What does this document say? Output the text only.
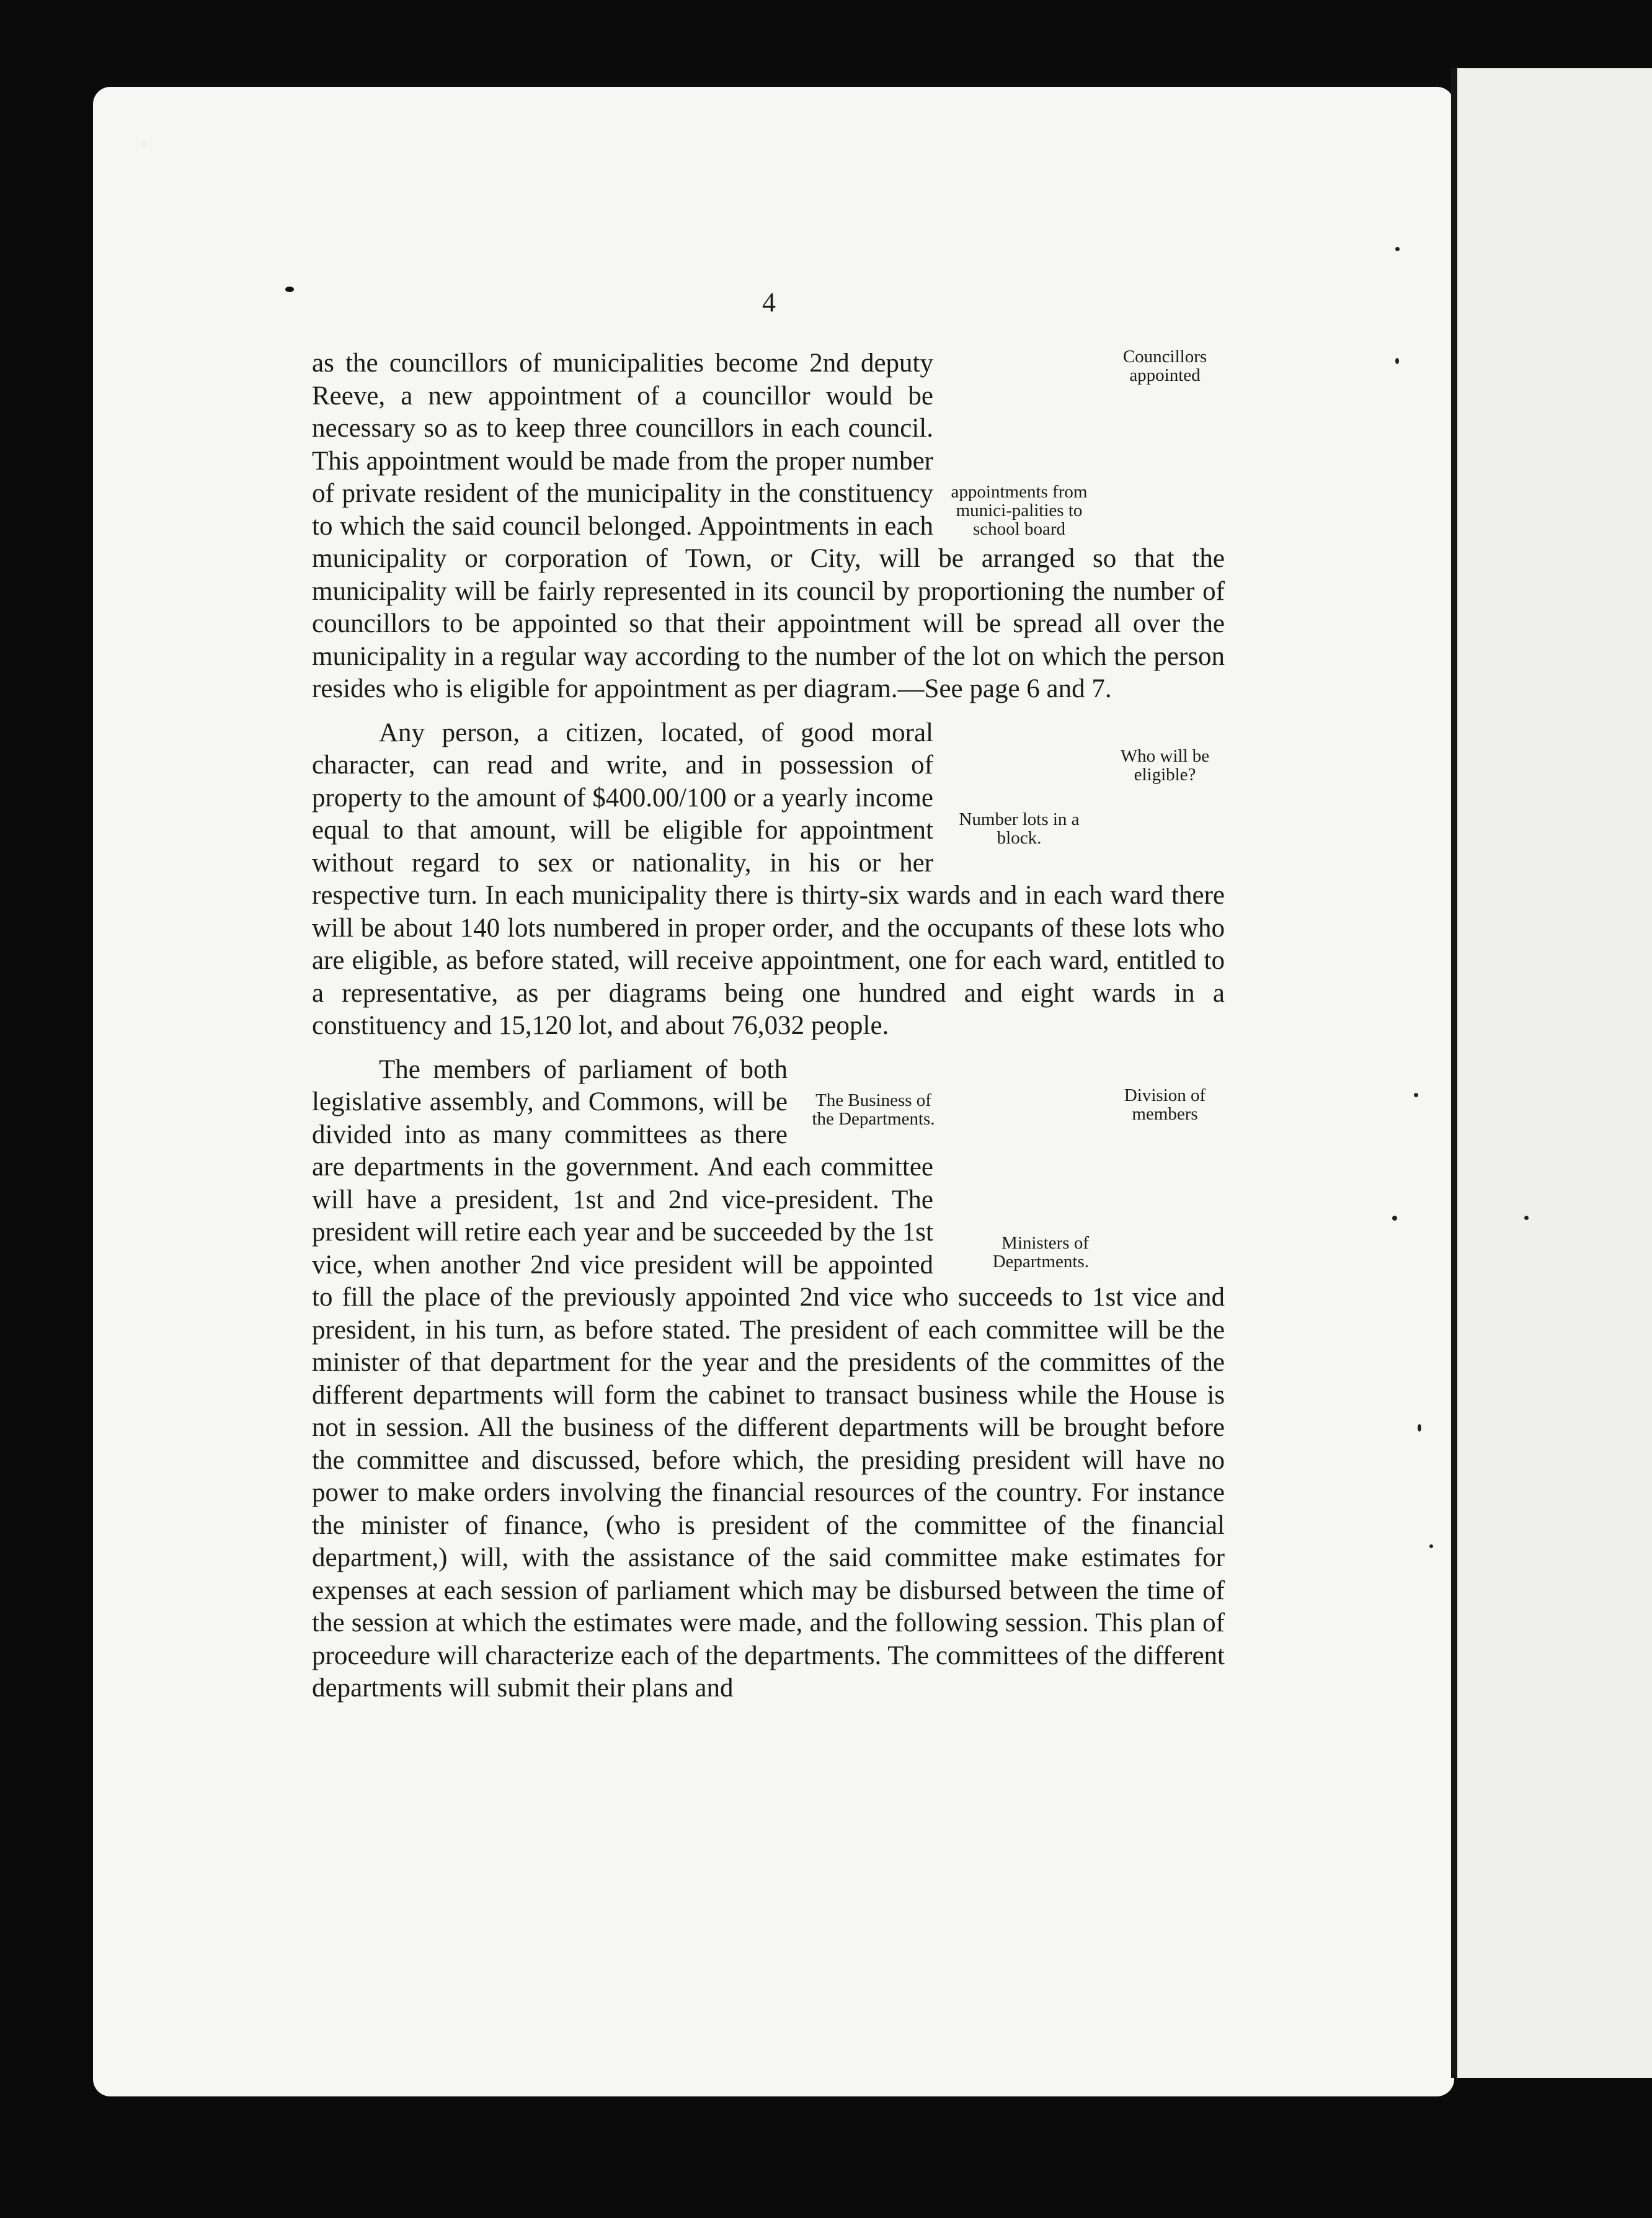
4

Councillors appointed
appointments from munici-palities to school board
as the councillors of municipalities become 2nd deputy Reeve, a new appointment of a councillor would be necessary so as to keep three councillors in each council. This appointment would be made from the proper number of private resident of the municipality in the constituency to which the said council belonged. Appointments in each municipality or corporation of Town, or City, will be arranged so that the municipality will be fairly represented in its council by proportioning the number of councillors to be appointed so that their appointment will be spread all over the municipality in a regular way according to the number of the lot on which the person resides who is eligible for appointment as per diagram.—See page 6 and 7.

Who will be eligible?
Number lots in a block.
Any person, a citizen, located, of good moral character, can read and write, and in possession of property to the amount of $400.00/100 or a yearly income equal to that amount, will be eligible for appointment without regard to sex or nationality, in his or her respective turn. In each municipality there is thirty-six wards and in each ward there will be about 140 lots numbered in proper order, and the occupants of these lots who are eligible, as before stated, will receive appointment, one for each ward, entitled to a representative, as per diagrams being one hundred and eight wards in a constituency and 15,120 lot, and about 76,032 people.

Division of members
Ministers of Departments.
The Business of the Departments.
The members of parliament of both legislative assembly, and Commons, will be divided into as many committees as there are departments in the government. And each committee will have a president, 1st and 2nd vice-president. The president will retire each year and be succeeded by the 1st vice, when another 2nd vice president will be appointed to fill the place of the previously appointed 2nd vice who succeeds to 1st vice and president, in his turn, as before stated. The president of each committee will be the minister of that department for the year and the presidents of the committes of the different departments will form the cabinet to transact business while the House is not in session. All the business of the different departments will be brought before the committee and discussed, before which, the presiding president will have no power to make orders involving the financial resources of the country. For instance the minister of finance, (who is president of the committee of the financial department,) will, with the assistance of the said committee make estimates for expenses at each session of parliament which may be disbursed between the time of the session at which the estimates were made, and the following session. This plan of proceedure will characterize each of the departments. The committees of the different departments will submit their plans and
